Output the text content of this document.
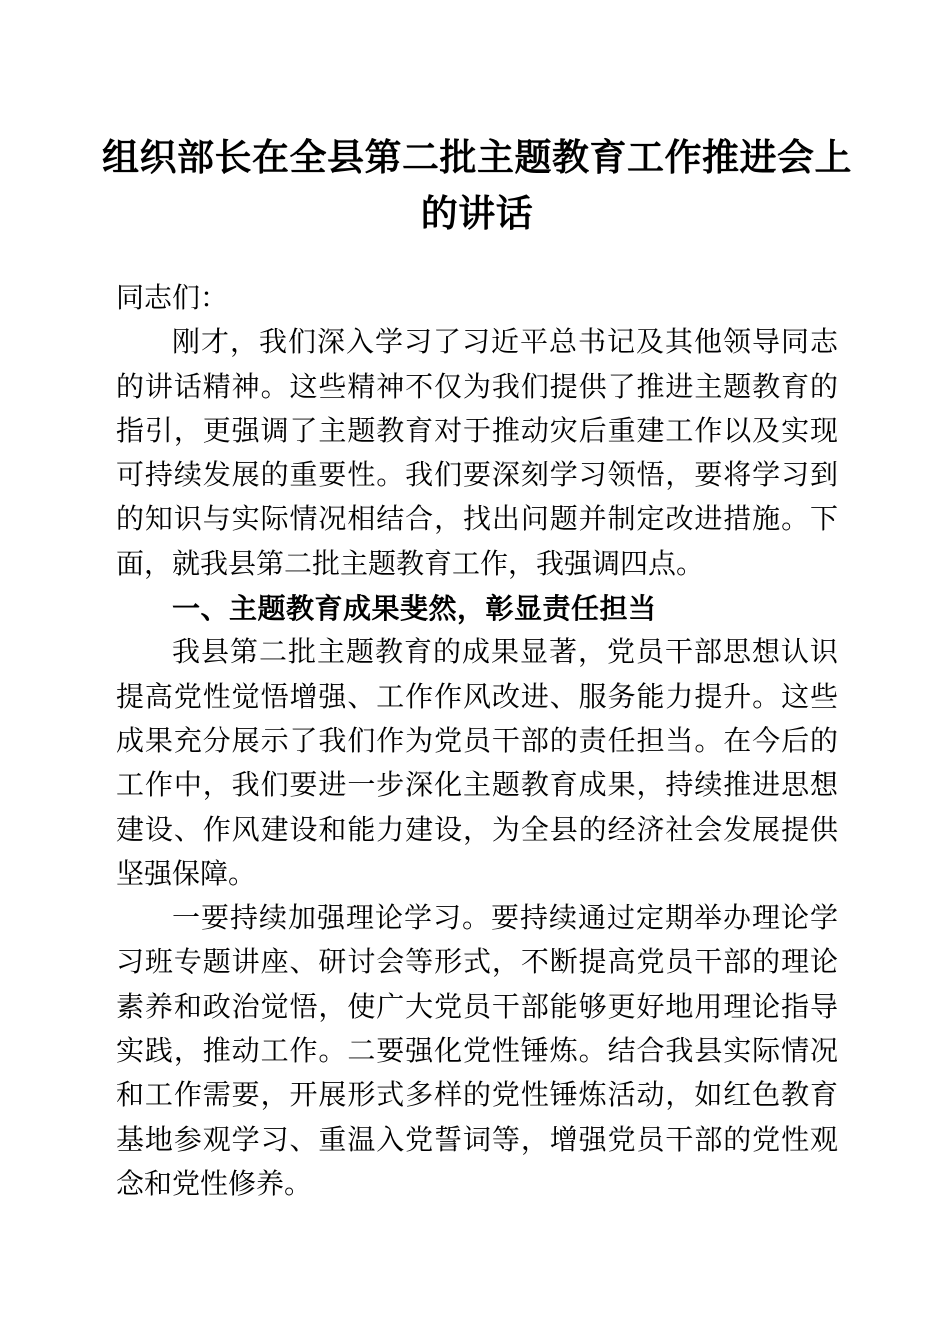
组织部长在全县第二批主题教育工作推进会上的讲话

同志们：

刚才，我们深入学习了习近平总书记及其他领导同志的讲话精神。这些精神不仅为我们提供了推进主题教育的指引，更强调了主题教育对于推动灾后重建工作以及实现可持续发展的重要性。我们要深刻学习领悟，要将学习到的知识与实际情况相结合，找出问题并制定改进措施。下面，就我县第二批主题教育工作，我强调四点。

一、主题教育成果斐然，彰显责任担当

我县第二批主题教育的成果显著，党员干部思想认识提高党性觉悟增强、工作作风改进、服务能力提升。这些成果充分展示了我们作为党员干部的责任担当。在今后的工作中，我们要进一步深化主题教育成果，持续推进思想建设、作风建设和能力建设，为全县的经济社会发展提供坚强保障。

一要持续加强理论学习。要持续通过定期举办理论学习班专题讲座、研讨会等形式，不断提高党员干部的理论素养和政治觉悟，使广大党员干部能够更好地用理论指导实践，推动工作。二要强化党性锤炼。结合我县实际情况和工作需要，开展形式多样的党性锤炼活动，如红色教育基地参观学习、重温入党誓词等，增强党员干部的党性观念和党性修养。
